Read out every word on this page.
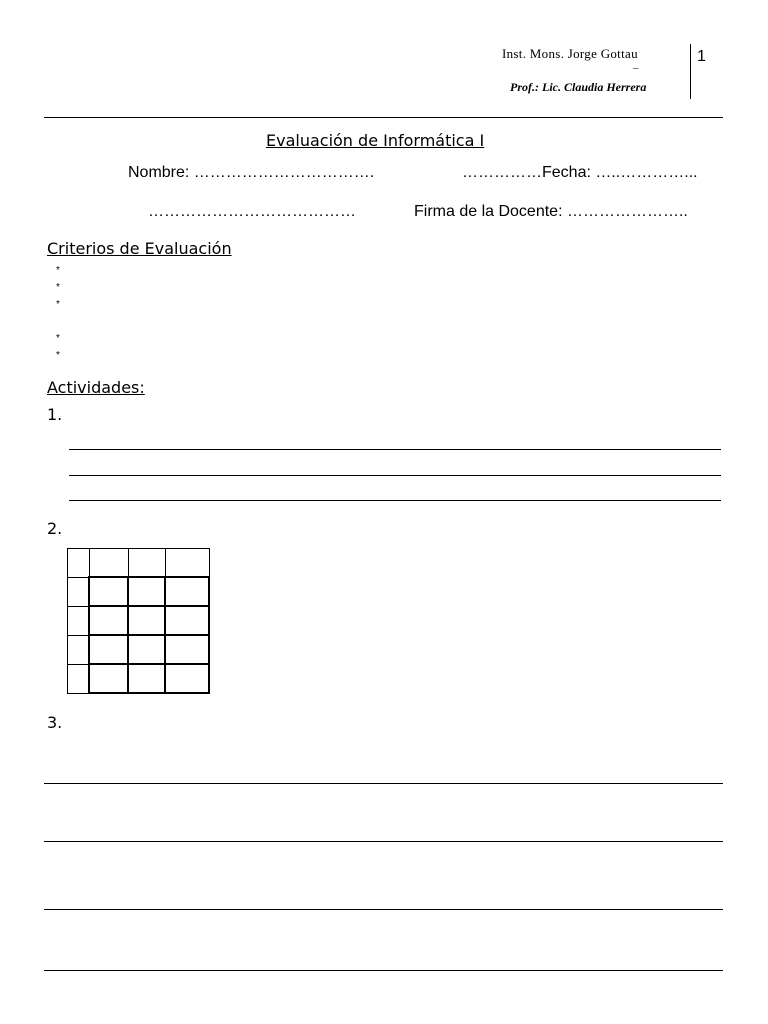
Inst. Mons. Jorge Gottau
–
Prof.: Lic. Claudia Herrera
1
Evaluación de Informática I
Nombre: …………………………….	……………Fecha: …..…………...
…………………………………	Firma de la Docente: …………………..
Criterios de Evaluación
*
*
*
*
*
Actividades:
1.
2.

3.
